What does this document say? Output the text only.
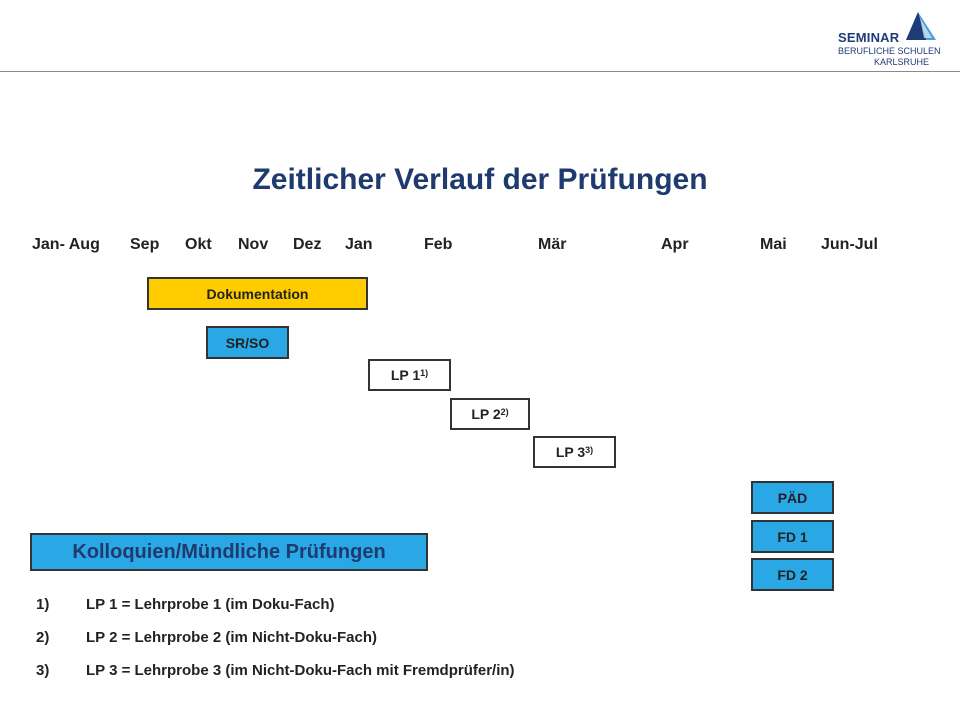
SEMINAR
BERUFLICHE SCHULEN
KARLSRUHE
Zeitlicher Verlauf der Prüfungen
Jan- Aug Sep Okt Nov Dez Jan	Feb	Mär	Apr	Mai Jun-Jul
Dokumentation
SR/SO
LP 1$^{1)}$
LP 2$^{2)}$
LP 3$^{3)}$
PÄD
FD 1
FD 2
Kolloquien/Mündliche Prüfungen
1) LP 1 = Lehrprobe 1 (im Doku-Fach)
2) LP 2 = Lehrprobe 2 (im Nicht-Doku-Fach)
3) LP 3 = Lehrprobe 3 (im Nicht-Doku-Fach mit Fremdprüfer/in)
